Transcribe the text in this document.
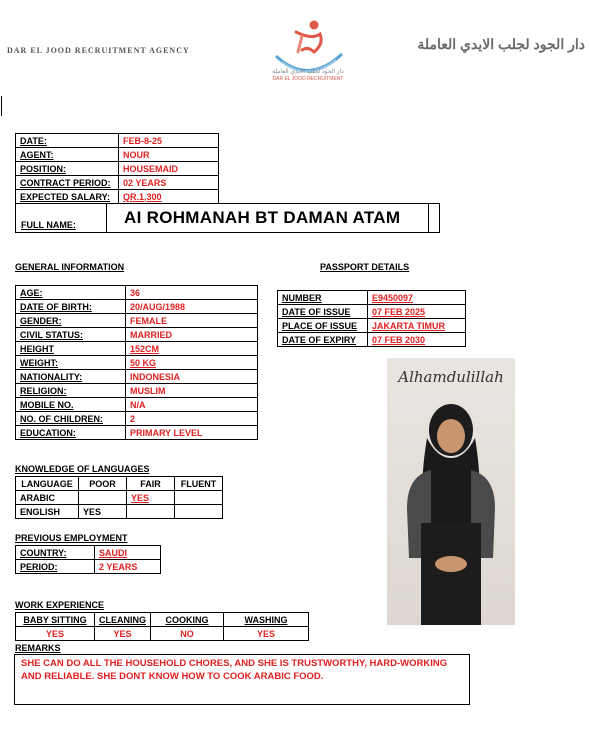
DAR EL JOOD RECRUITMENT AGENCY
دار الجود لجلب الايدي العاملة
DAR EL JOOD RECRUITMENT
دار الجود لجلب الايدي العاملة
DATE:	FEB-8-25
AGENT:	NOUR
POSITION:	HOUSEMAID
CONTRACT PERIOD:	02 YEARS
EXPECTED SALARY:	QR.1,300
FULL NAME:	AI ROHMANAH BT DAMAN ATAM
GENERAL INFORMATION
AGE:	36
DATE OF BIRTH:	20/AUG/1988
GENDER:	FEMALE
CIVIL STATUS:	MARRIED
HEIGHT	152CM
WEIGHT:	50 KG
NATIONALITY:	INDONESIA
RELIGION:	MUSLIM
MOBILE NO.	N/A
NO. OF CHILDREN:	2
EDUCATION:	PRIMARY LEVEL
PASSPORT DETAILS
NUMBER	E9450097
DATE OF ISSUE	07 FEB 2025
PLACE OF ISSUE	JAKARTA TIMUR
DATE OF EXPIRY	07 FEB 2030
Alhamdulillah
KNOWLEDGE OF LANGUAGES
LANGUAGE	POOR	FAIR	FLUENT
ARABIC		YES	
ENGLISH	YES		
PREVIOUS EMPLOYMENT
COUNTRY:	SAUDI
PERIOD:	2 YEARS
WORK EXPERIENCE
BABY SITTING	CLEANING	COOKING	WASHING
YES	YES	NO	YES
REMARKS
SHE CAN DO ALL THE HOUSEHOLD CHORES, AND SHE IS TRUSTWORTHY, HARD-WORKING AND RELIABLE. SHE DONT KNOW HOW TO COOK ARABIC FOOD.
